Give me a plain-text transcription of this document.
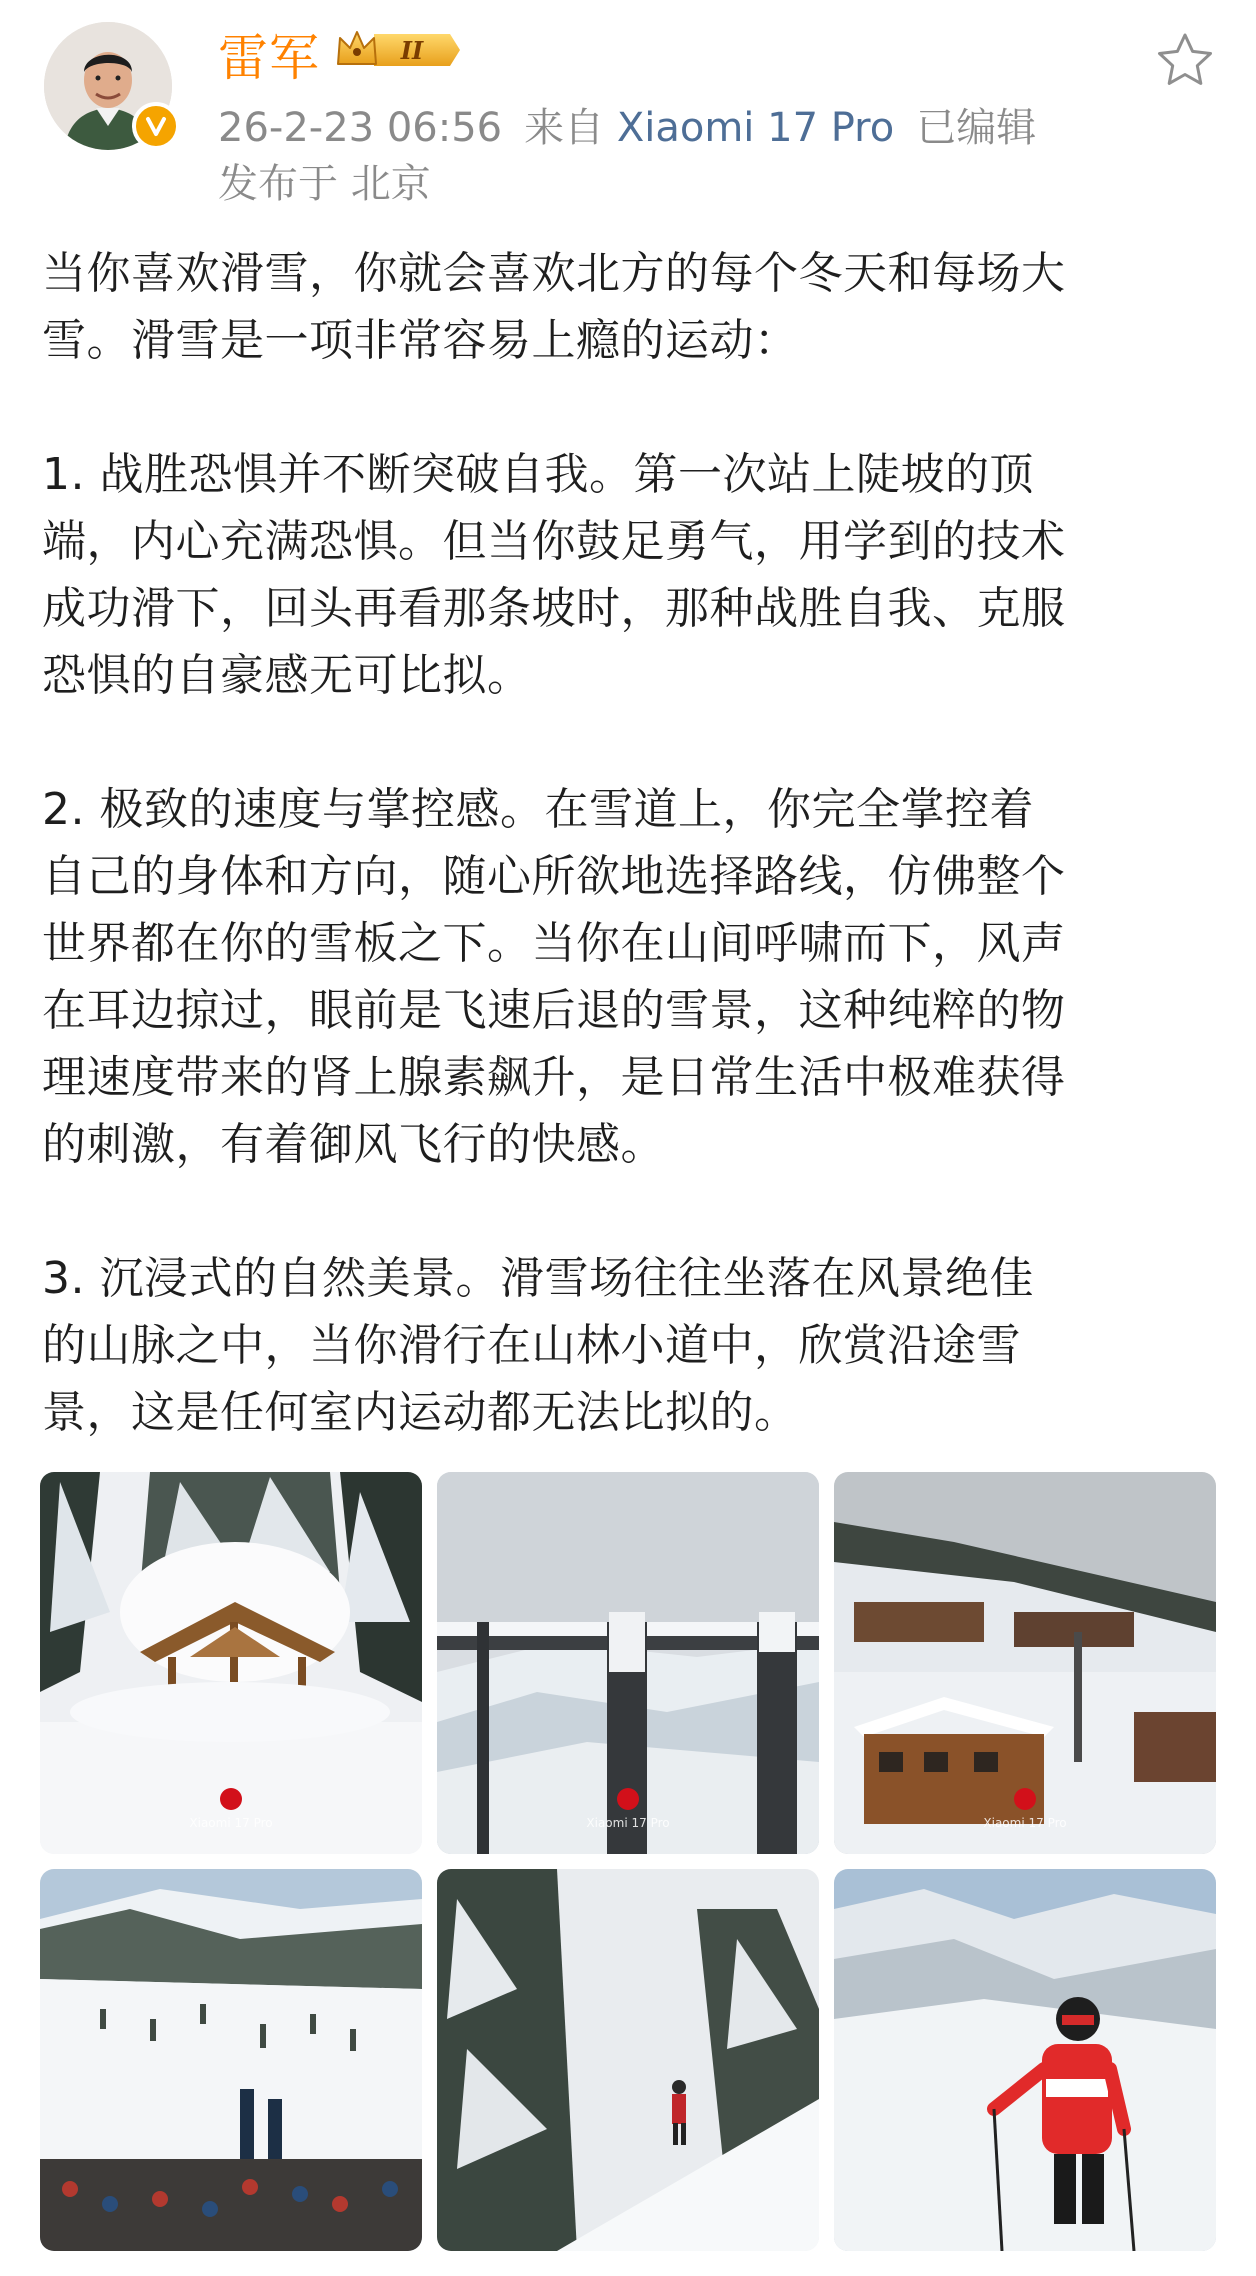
雷军	II
26-2-23 06:56 来自 Xiaomi 17 Pro 已编辑
发布于 北京

当你喜欢滑雪，你就会喜欢北方的每个冬天和每场大

雪。滑雪是一项非常容易上瘾的运动：

1. 战胜恐惧并不断突破自我。第一次站上陡坡的顶

端，内心充满恐惧。但当你鼓足勇气，用学到的技术

成功滑下，回头再看那条坡时，那种战胜自我、克服

恐惧的自豪感无可比拟。

2. 极致的速度与掌控感。在雪道上，你完全掌控着

自己的身体和方向，随心所欲地选择路线，仿佛整个

世界都在你的雪板之下。当你在山间呼啸而下，风声

在耳边掠过，眼前是飞速后退的雪景，这种纯粹的物

理速度带来的肾上腺素飙升，是日常生活中极难获得

的刺激，有着御风飞行的快感。

3. 沉浸式的自然美景。滑雪场往往坐落在风景绝佳

的山脉之中，当你滑行在山林小道中，欣赏沿途雪

景，这是任何室内运动都无法比拟的。

Xiaomi 17 Pro	Xiaomi 17 Pro	Xiaomi 17 Pro
